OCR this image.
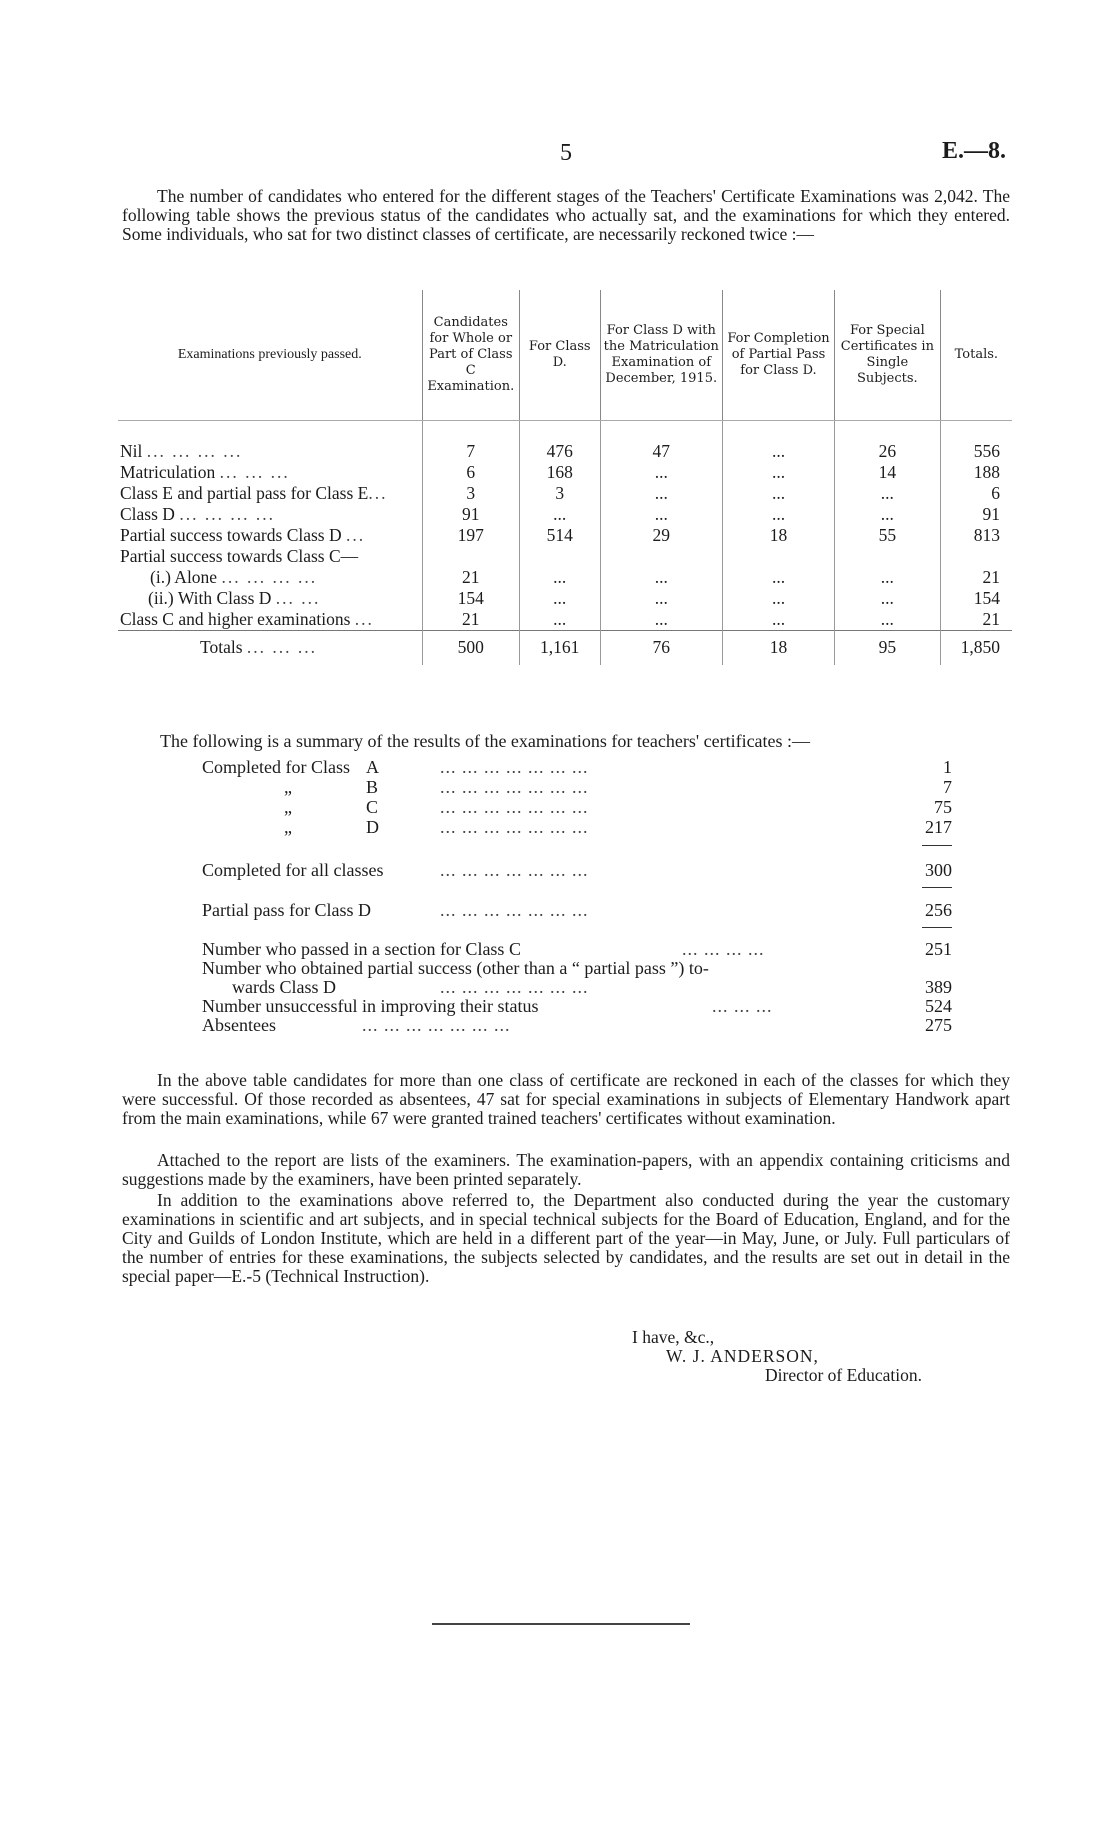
5	E.—8.
The number of candidates who entered for the different stages of the Teachers' Certificate Examinations was 2,042. The following table shows the previous status of the candidates who actually sat, and the examinations for which they entered. Some individuals, who sat for two distinct classes of certificate, are necessarily reckoned twice :—
Examinations previously passed.	Candidates for Whole or Part of Class C Examination.	For Class D.	For Class D with the Matriculation Examination of December, 1915.	For Completion of Partial Pass for Class D.	For Special Certificates in Single Subjects.	Totals.

Nil ... ... ... ...	7	476	47	...	26	556
Matriculation ... ... ...	6	168	...	...	14	188
Class E and partial pass for Class E...	3	3	...	...	...	6
Class D ... ... ... ...	91	...	...	...	...	91
Partial success towards Class D ...	197	514	29	18	55	813
Partial success towards Class C—						
(i.) Alone ... ... ... ...	21	...	...	...	...	21
(ii.) With Class D ... ...	154	...	...	...	...	154
Class C and higher examinations ...	21	...	...	...	...	21
Totals ... ... ...	500	1,161	76	18	95	1,850
The following is a summary of the results of the examinations for teachers' certificates :—
Completed for Class A	... ... ... ... ... ... ...	1
„	B	... ... ... ... ... ... ...	7
„	C	... ... ... ... ... ... ...	75
„	D	... ... ... ... ... ... ...	217
Completed for all classes	... ... ... ... ... ... ...	300
Partial pass for Class D	... ... ... ... ... ... ...	256
Number who passed in a section for Class C	... ... ... ...	251
Number who obtained partial success (other than a “ partial pass ”) to-
wards Class D	... ... ... ... ... ... ...	389
Number unsuccessful in improving their status	... ... ...	524
Absentees	... ... ... ... ... ... ...	275
In the above table candidates for more than one class of certificate are reckoned in each of the classes for which they were successful. Of those recorded as absentees, 47 sat for special examinations in subjects of Elementary Handwork apart from the main examinations, while 67 were granted trained teachers' certificates without examination.
Attached to the report are lists of the examiners. The examination-papers, with an appendix containing criticisms and suggestions made by the examiners, have been printed separately.
In addition to the examinations above referred to, the Department also conducted during the year the customary examinations in scientific and art subjects, and in special technical subjects for the Board of Education, England, and for the City and Guilds of London Institute, which are held in a different part of the year—in May, June, or July. Full particulars of the number of entries for these examinations, the subjects selected by candidates, and the results are set out in detail in the special paper—E.-5 (Technical Instruction).
I have, &c.,
W. J. ANDERSON,
Director of Education.
